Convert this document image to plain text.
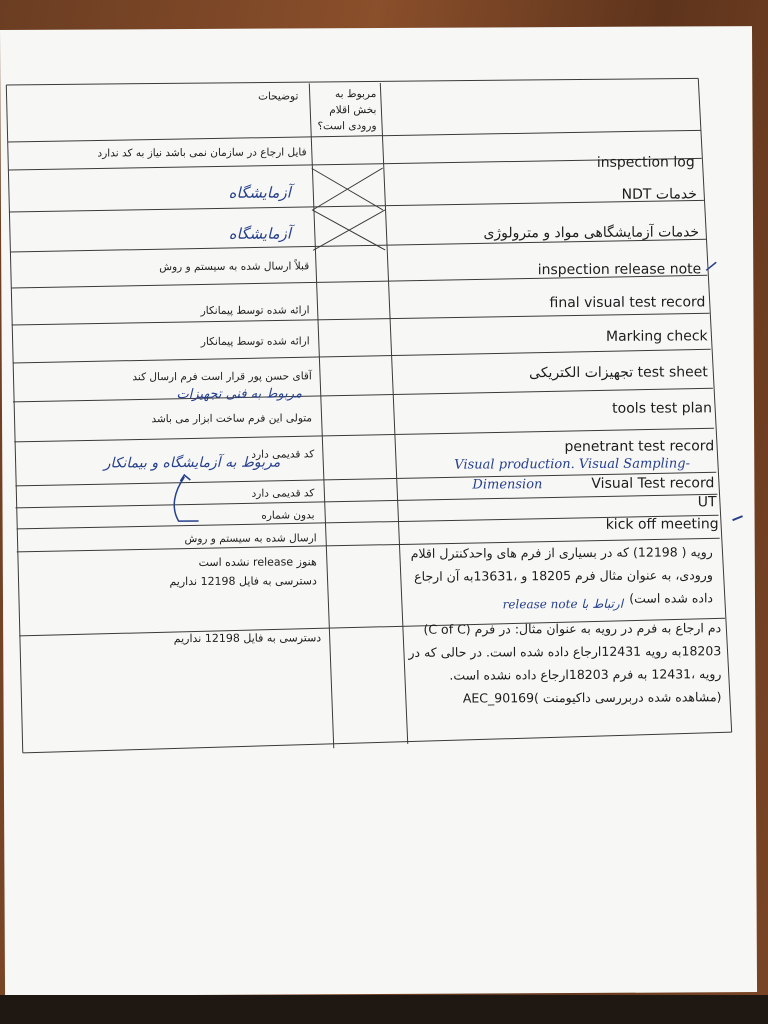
مربوط به بخش اقلام ورودی است؟
توضیحات
inspection log
خدمات NDT
خدمات آزمایشگاهی مواد و مترولوژی
inspection release note
final visual test record
Marking check
test sheet تجهیزات الکتریکی
tools test plan
penetrant test record
Visual Test record
UT
kick off meeting
فایل ارجاع در سازمان نمی باشد نیاز به کد ندارد
قبلاً ارسال شده به سیستم و روش
ارائه شده توسط پیمانکار
ارائه شده توسط پیمانکار
آقای حسن پور قرار است فرم ارسال کند
متولی این فرم ساخت ابزار می باشد
کد قدیمی دارد
کد قدیمی دارد
بدون شماره
ارسال شده به سیستم و روش
آزمایشگاه
آزمایشگاه
مربوط به فنی تجهیزات
مربوط به آزمایشگاه و بیمانکار	Visual production. Visual Sampling-
Dimension
رویه ( 12198) که در بسیاری از فرم های واحدکنترل اقلام ورودی، به عنوان مثال فرم 18205 و ،13631به آن ارجاع داده شده است)
ارتباط با release note
هنوز release نشده است
دسترسی به فایل 12198 نداریم
دم ارجاع به فرم در رویه به عنوان مثال: در فرم (C of C) 18203به رویه 12431ارجاع داده شده است. در حالی که در رویه ،12431 به فرم 18203ارجاع داده نشده است. (مشاهده شده دربررسی داکیومنت )AEC_90169
دسترسی به فایل 12198 نداریم
